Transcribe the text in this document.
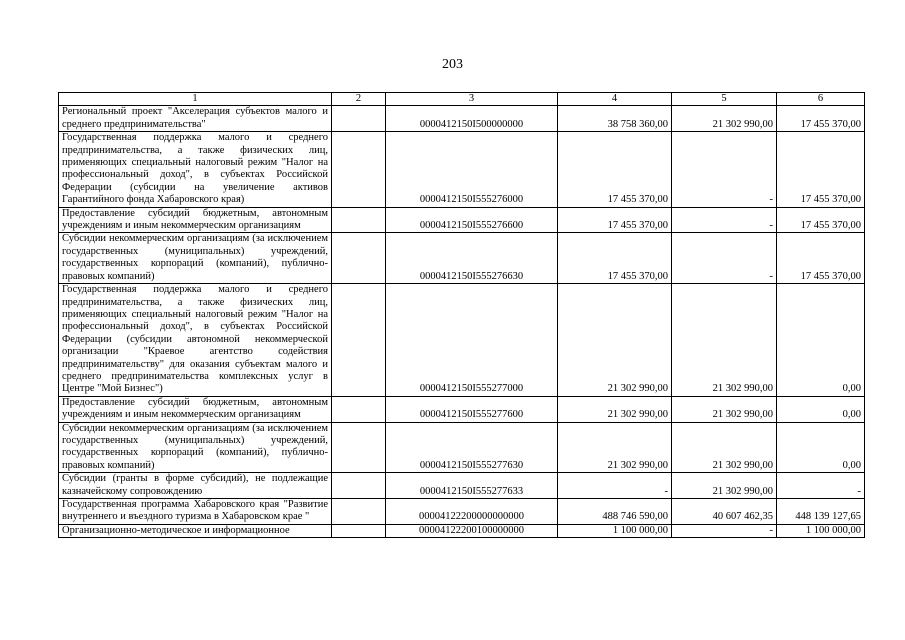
203
1	2	3	4	5	6
Региональный проект "Акселерация субъектов малого и среднего предпринимательства"		0000412150I500000000	38 758 360,00	21 302 990,00	17 455 370,00
Государственная поддержка малого и среднего предпринимательства, а также физических лиц, применяющих специальный налоговый режим "Налог на профессиональный доход", в субъектах Российской Федерации (субсидии на увеличение активов Гарантийного фонда Хабаровского края)		0000412150I555276000	17 455 370,00	-	17 455 370,00
Предоставление субсидий бюджетным, автономным учреждениям и иным некоммерческим организациям		0000412150I555276600	17 455 370,00	-	17 455 370,00
Субсидии некоммерческим организациям (за исключением государственных (муниципальных) учреждений, государственных корпораций (компаний), публично-правовых компаний)		0000412150I555276630	17 455 370,00	-	17 455 370,00
Государственная поддержка малого и среднего предпринимательства, а также физических лиц, применяющих специальный налоговый режим "Налог на профессиональный доход", в субъектах Российской Федерации (субсидии автономной некоммерческой организации "Краевое агентство содействия предпринимательству" для оказания субъектам малого и среднего предпринимательства комплексных услуг в Центре "Мой Бизнес")		0000412150I555277000	21 302 990,00	21 302 990,00	0,00
Предоставление субсидий бюджетным, автономным учреждениям и иным некоммерческим организациям		0000412150I555277600	21 302 990,00	21 302 990,00	0,00
Субсидии некоммерческим организациям (за исключением государственных (муниципальных) учреждений, государственных корпораций (компаний), публично-правовых компаний)		0000412150I555277630	21 302 990,00	21 302 990,00	0,00
Субсидии (гранты в форме субсидий), не подлежащие казначейскому сопровождению		0000412150I555277633	-	21 302 990,00	-
Государственная программа Хабаровского края "Развитие внутреннего и въездного туризма в Хабаровском крае "		00004122200000000000	488 746 590,00	40 607 462,35	448 139 127,65
Организационно-методическое и информационное		00004122200100000000	1 100 000,00	-	1 100 000,00
